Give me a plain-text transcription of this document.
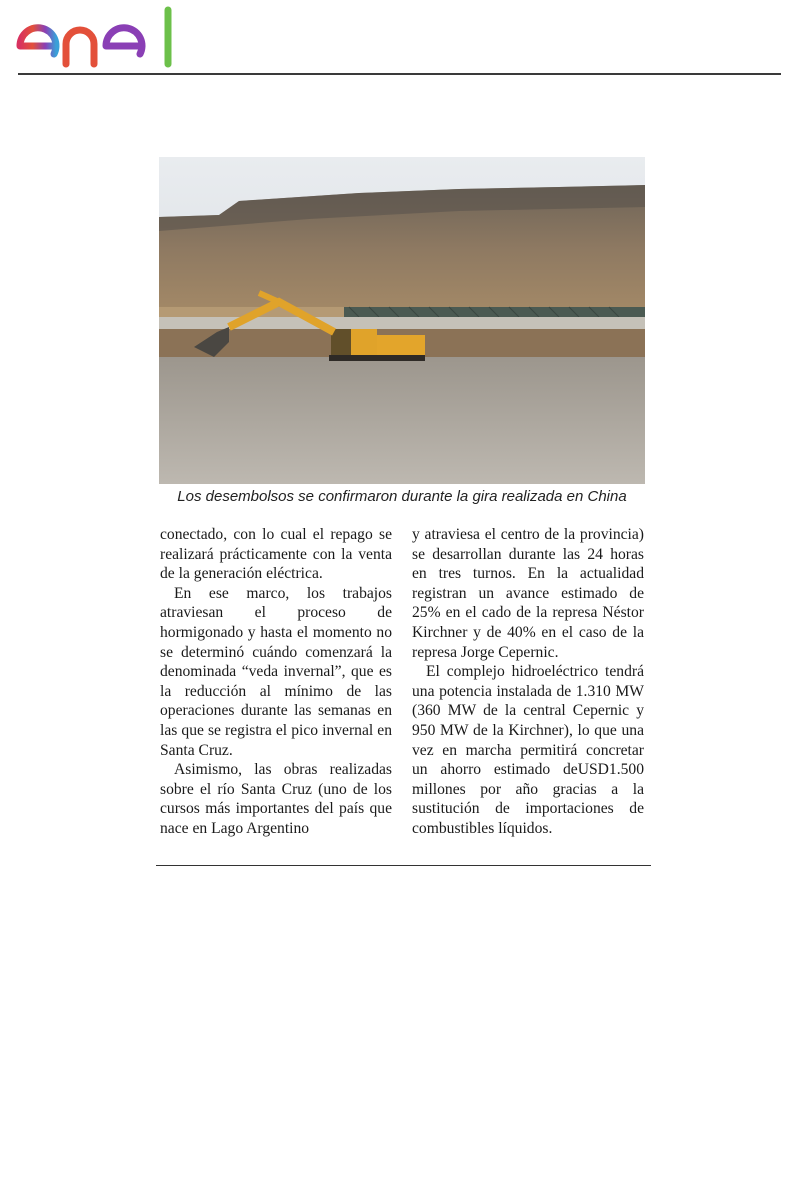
Los desembolsos se confirmaron durante la gira realizada en China

conectado, con lo cual el repago se realizará prácticamente con la venta de la generación eléctrica.

En ese marco, los trabajos atraviesan el proceso de hormigonado y hasta el momento no se determinó cuándo comenzará la denominada “veda invernal”, que es la reducción al mínimo de las operaciones durante las semanas en las que se registra el pico invernal en Santa Cruz.

Asimismo, las obras realizadas sobre el río Santa Cruz (uno de los cursos más importantes del país que nace en Lago Argentino

y atraviesa el centro de la provincia) se desarrollan durante las 24 horas en tres turnos. En la actualidad registran un avance estimado de 25% en el cado de la represa Néstor Kirchner y de 40% en el caso de la represa Jorge Cepernic.

El complejo hidroeléctrico tendrá una potencia instalada de 1.310 MW (360 MW de la central Cepernic y 950 MW de la Kirchner), lo que una vez en marcha permitirá concretar un ahorro estimado deUSD1.500 millones por año gracias a la sustitución de importaciones de combustibles líquidos.
